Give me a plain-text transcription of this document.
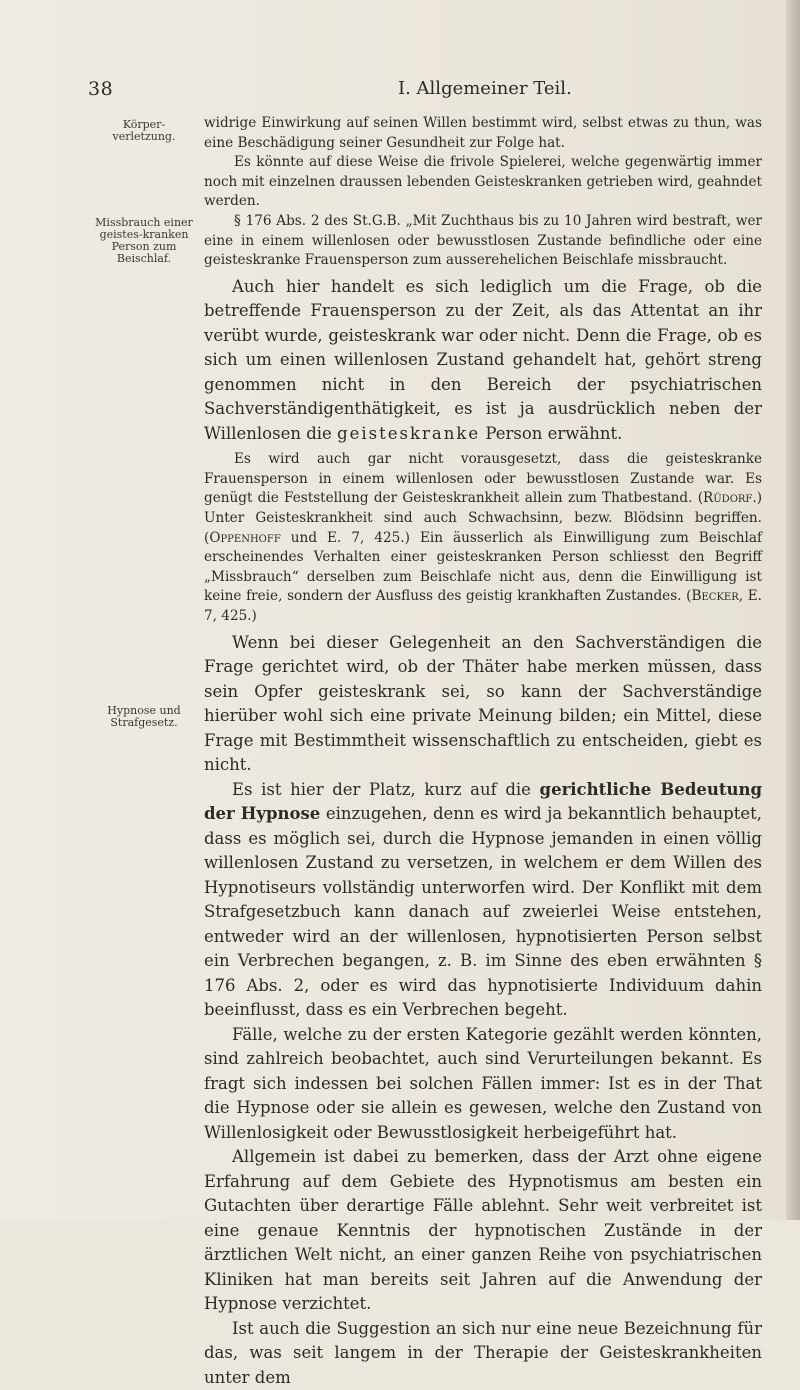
38	I. Allgemeiner Teil.
Körper-verletzung.
Missbrauch einer geistes-kranken Person zum Beischlaf.
Hypnose und Strafgesetz.

widrige Einwirkung auf seinen Willen bestimmt wird, selbst etwas zu thun, was eine Beschädigung seiner Gesundheit zur Folge hat.

Es könnte auf diese Weise die frivole Spielerei, welche gegenwärtig immer noch mit einzelnen draussen lebenden Geisteskranken getrieben wird, geahndet werden.

§ 176 Abs. 2 des St.G.B. „Mit Zuchthaus bis zu 10 Jahren wird bestraft, wer eine in einem willenlosen oder bewusstlosen Zustande befindliche oder eine geisteskranke Frauensperson zum ausserehelichen Beischlafe missbraucht.

Auch hier handelt es sich lediglich um die Frage, ob die betreffende Frauensperson zu der Zeit, als das Attentat an ihr verübt wurde, geisteskrank war oder nicht. Denn die Frage, ob es sich um einen willenlosen Zustand gehandelt hat, gehört streng genommen nicht in den Bereich der psychiatrischen Sachverständigenthätigkeit, es ist ja ausdrücklich neben der Willenlosen die geisteskranke Person erwähnt.

Es wird auch gar nicht vorausgesetzt, dass die geisteskranke Frauensperson in einem willenlosen oder bewusstlosen Zustande war. Es genügt die Feststellung der Geisteskrankheit allein zum Thatbestand. (Rüdorf.) Unter Geisteskrankheit sind auch Schwachsinn, bezw. Blödsinn begriffen. (Oppenhoff und E. 7, 425.) Ein äusserlich als Einwilligung zum Beischlaf erscheinendes Verhalten einer geisteskranken Person schliesst den Begriff „Missbrauch“ derselben zum Beischlafe nicht aus, denn die Einwilligung ist keine freie, sondern der Ausfluss des geistig krankhaften Zustandes. (Becker, E. 7, 425.)

Wenn bei dieser Gelegenheit an den Sachverständigen die Frage gerichtet wird, ob der Thäter habe merken müssen, dass sein Opfer geisteskrank sei, so kann der Sachverständige hierüber wohl sich eine private Meinung bilden; ein Mittel, diese Frage mit Bestimmtheit wissenschaftlich zu entscheiden, giebt es nicht.

Es ist hier der Platz, kurz auf die gerichtliche Bedeutung der Hypnose einzugehen, denn es wird ja bekanntlich behauptet, dass es möglich sei, durch die Hypnose jemanden in einen völlig willenlosen Zustand zu versetzen, in welchem er dem Willen des Hypnotiseurs vollständig unterworfen wird. Der Konflikt mit dem Strafgesetzbuch kann danach auf zweierlei Weise entstehen, entweder wird an der willenlosen, hypnotisierten Person selbst ein Verbrechen begangen, z. B. im Sinne des eben erwähnten § 176 Abs. 2, oder es wird das hypnotisierte Individuum dahin beeinflusst, dass es ein Verbrechen begeht.

Fälle, welche zu der ersten Kategorie gezählt werden könnten, sind zahlreich beobachtet, auch sind Verurteilungen bekannt. Es fragt sich indessen bei solchen Fällen immer: Ist es in der That die Hypnose oder sie allein es gewesen, welche den Zustand von Willenlosigkeit oder Bewusstlosigkeit herbeigeführt hat.

Allgemein ist dabei zu bemerken, dass der Arzt ohne eigene Erfahrung auf dem Gebiete des Hypnotismus am besten ein Gutachten über derartige Fälle ablehnt. Sehr weit verbreitet ist eine genaue Kenntnis der hypnotischen Zustände in der ärztlichen Welt nicht, an einer ganzen Reihe von psychiatrischen Kliniken hat man bereits seit Jahren auf die Anwendung der Hypnose verzichtet.

Ist auch die Suggestion an sich nur eine neue Bezeichnung für das, was seit langem in der Therapie der Geisteskrankheiten unter dem
